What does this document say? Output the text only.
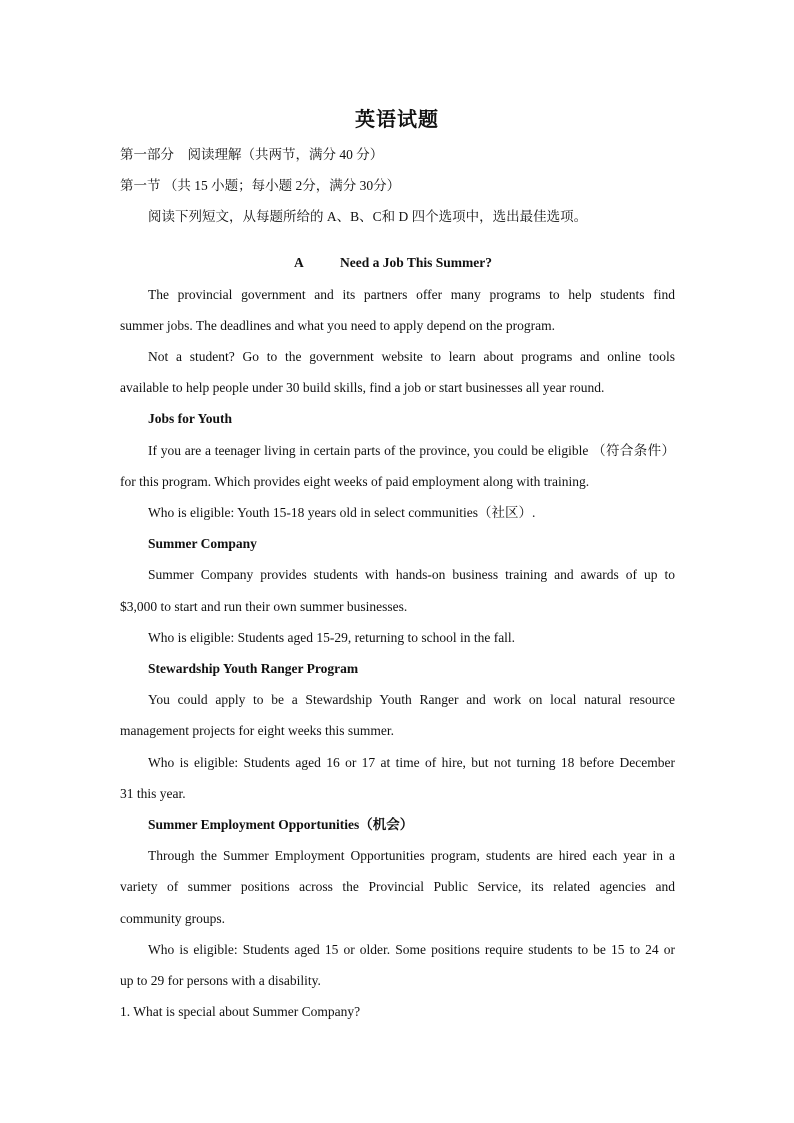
英语试题
第一部分　阅读理解（共两节，满分 40 分）
第一节 （共 15 小题；每小题 2分，满分 30分）
阅读下列短文，从每题所给的 A、B、C和 D 四个选项中，选出最佳选项。
A	Need a Job This Summer?
The provincial government and its partners offer many programs to help students find
summer jobs. The deadlines and what you need to apply depend on the program.
Not a student? Go to the government website to learn about programs and online tools
available to help people under 30 build skills, find a job or start businesses all year round.
Jobs for Youth
If you are a teenager living in certain parts of the province, you could be eligible （符合条件）
for this program. Which provides eight weeks of paid employment along with training.
Who is eligible: Youth 15-18 years old in select communities（社区）.
Summer Company
Summer Company provides students with hands-on business training and awards of up to
$3,000 to start and run their own summer businesses.
Who is eligible: Students aged 15-29, returning to school in the fall.
Stewardship Youth Ranger Program
You could apply to be a Stewardship Youth Ranger and work on local natural resource
management projects for eight weeks this summer.
Who is eligible: Students aged 16 or 17 at time of hire, but not turning 18 before December
31 this year.
Summer Employment Opportunities（机会）
Through the Summer Employment Opportunities program, students are hired each year in a
variety of summer positions across the Provincial Public Service, its related agencies and
community groups.
Who is eligible: Students aged 15 or older. Some positions require students to be 15 to 24 or
up to 29 for persons with a disability.
1. What is special about Summer Company?
